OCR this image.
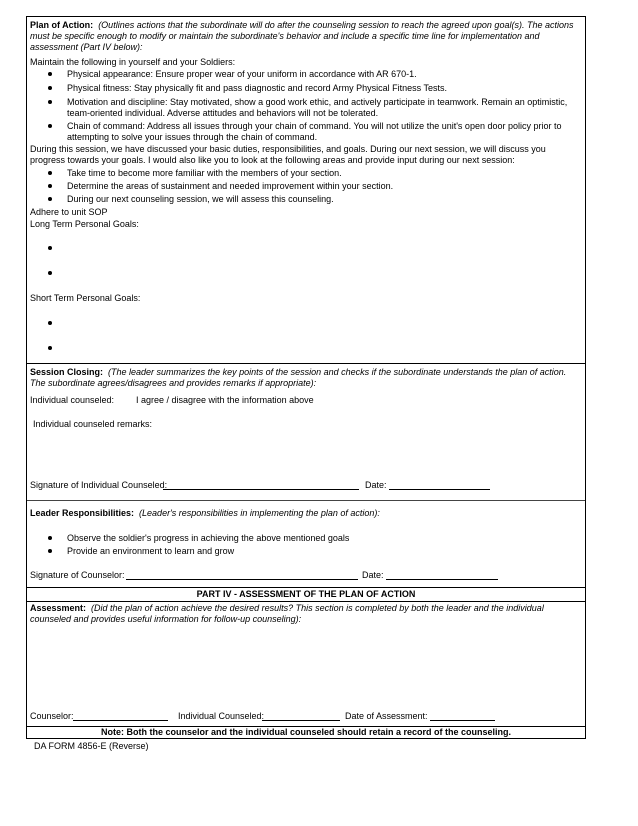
Plan of Action: (Outlines actions that the subordinate will do after the counseling session to reach the agreed upon goal(s). The actions must be specific enough to modify or maintain the subordinate's behavior and include a specific time line for implementation and assessment (Part IV below):
Maintain the following in yourself and your Soldiers:
Physical appearance: Ensure proper wear of your uniform in accordance with AR 670-1.
Physical fitness: Stay physically fit and pass diagnostic and record Army Physical Fitness Tests.
Motivation and discipline: Stay motivated, show a good work ethic, and actively participate in teamwork. Remain an optimistic, team-oriented individual. Adverse attitudes and behaviors will not be tolerated.
Chain of command: Address all issues through your chain of command. You will not utilize the unit's open door policy prior to attempting to solve your issues through the chain of command.
During this session, we have discussed your basic duties, responsibilities, and goals. During our next session, we will discuss you progress towards your goals. I would also like you to look at the following areas and provide input during our next session:
Take time to become more familiar with the members of your section.
Determine the areas of sustainment and needed improvement within your section.
During our next counseling session, we will assess this counseling.
Adhere to unit SOP
Long Term Personal Goals:
Short Term Personal Goals:
Session Closing: (The leader summarizes the key points of the session and checks if the subordinate understands the plan of action. The subordinate agrees/disagrees and provides remarks if appropriate):
Individual counseled: I agree / disagree with the information above
Individual counseled remarks:
Signature of Individual Counseled:	Date:
Leader Responsibilities: (Leader's responsibilities in implementing the plan of action):
Observe the soldier's progress in achieving the above mentioned goals
Provide an environment to learn and grow
Signature of Counselor:	Date:
PART IV - ASSESSMENT OF THE PLAN OF ACTION
Assessment: (Did the plan of action achieve the desired results? This section is completed by both the leader and the individual counseled and provides useful information for follow-up counseling):
Counselor:	Individual Counseled:	Date of Assessment:
Note: Both the counselor and the individual counseled should retain a record of the counseling.
DA FORM 4856-E (Reverse)
